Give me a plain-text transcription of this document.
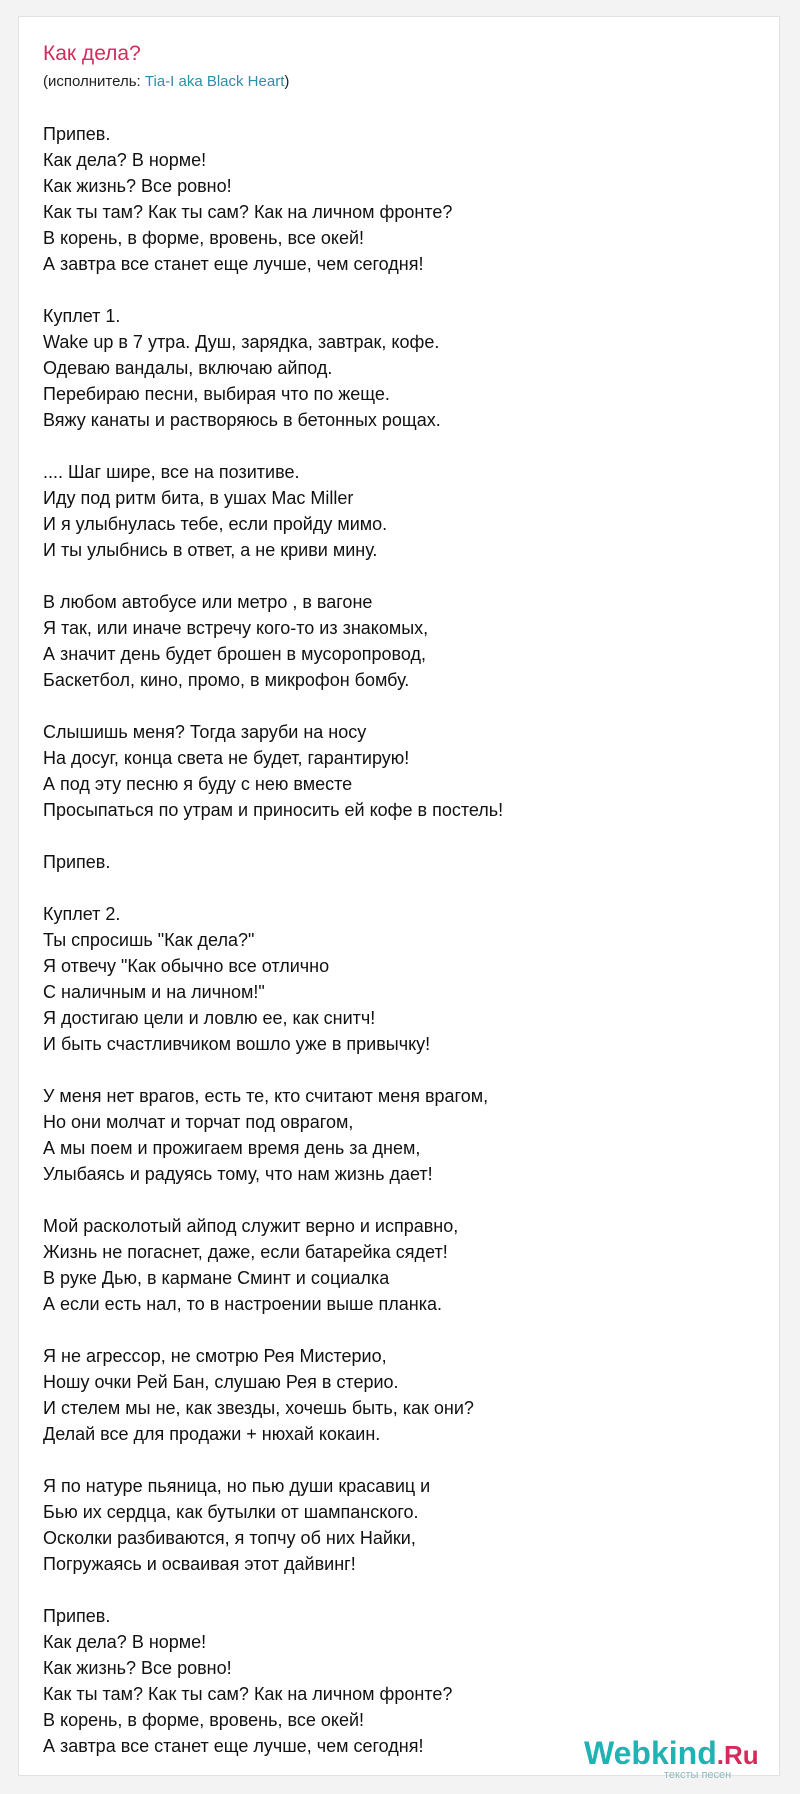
Как дела?
(исполнитель: Tia-I aka Black Heart)
Припев.
Как дела? В норме!
Как жизнь? Все ровно!
Как ты там? Как ты сам? Как на личном фронте?
В корень, в форме, вровень, все окей!
А завтра все станет еще лучше, чем сегодня!
Куплет 1.
Wake up в 7 утра. Душ, зарядка, завтрак, кофе.
Одеваю вандалы, включаю айпод.
Перебираю песни, выбирая что по жеще.
Вяжу канаты и растворяюсь в бетонных рощах.
.... Шаг шире, все на позитиве.
Иду под ритм бита, в ушах Mac Miller
И я улыбнулась тебе, если пройду мимо.
И ты улыбнись в ответ, а не криви мину.
В любом автобусе или метро , в вагоне
Я так, или иначе встречу кого-то из знакомых,
А значит день будет брошен в мусоропровод,
Баскетбол, кино, промо, в микрофон бомбу.
Слышишь меня? Тогда заруби на носу
На досуг, конца света не будет, гарантирую!
А под эту песню я буду с нею вместе
Просыпаться по утрам и приносить ей кофе в постель!
Припев.
Куплет 2.
Ты спросишь "Как дела?"
Я отвечу "Как обычно все отлично
С наличным и на личном!"
Я достигаю цели и ловлю ее, как снитч!
И быть счастливчиком вошло уже в привычку!
У меня нет врагов, есть те, кто считают меня врагом,
Но они молчат и торчат под оврагом,
А мы поем и прожигаем время день за днем,
Улыбаясь и радуясь тому, что нам жизнь дает!
Мой расколотый айпод служит верно и исправно,
Жизнь не погаснет, даже, если батарейка сядет!
В руке Дью, в кармане Сминт и социалка
А если есть нал, то в настроении выше планка.
Я не агрессор, не смотрю Рея Мистерио,
Ношу очки Рей Бан, слушаю Рея в стерио.
И стелем мы не, как звезды, хочешь быть, как они?
Делай все для продажи + нюхай кокаин.
Я по натуре пьяница, но пью души красавиц и
Бью их сердца, как бутылки от шампанского.
Осколки разбиваются, я топчу об них Найки,
Погружаясь и осваивая этот дайвинг!
Припев.
Как дела? В норме!
Как жизнь? Все ровно!
Как ты там? Как ты сам? Как на личном фронте?
В корень, в форме, вровень, все окей!
А завтра все станет еще лучше, чем сегодня!	Webkind.Ru
тексты песен
